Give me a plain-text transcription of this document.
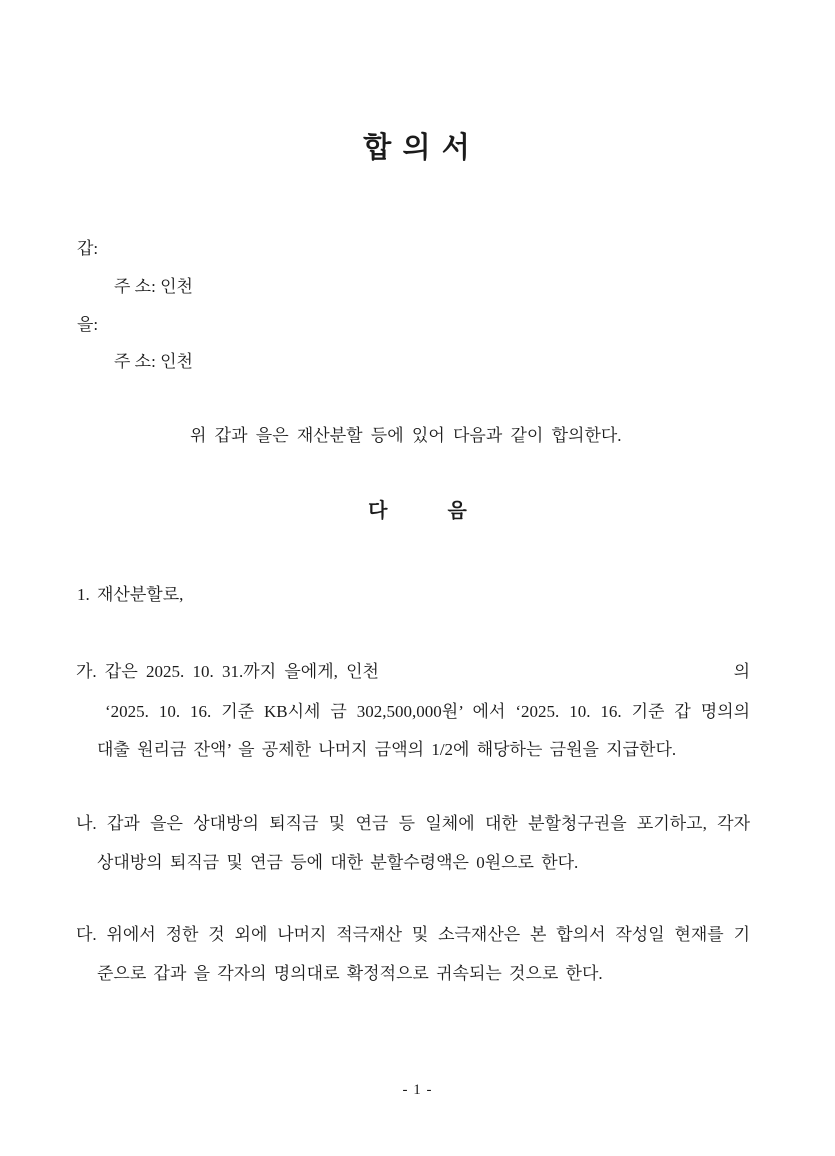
합 의 서
갑:
주 소: 인천
을:
주 소: 인천
위 갑과 을은 재산분할 등에 있어 다음과 같이 합의한다.
다            음
1. 재산분할로,
가. 갑은 2025. 10. 31.까지 을에게, 인천	의
‘2025. 10. 16. 기준 KB시세 금 302,500,000원’ 에서 ‘2025. 10. 16. 기준 갑 명의의
대출 원리금 잔액’ 을 공제한 나머지 금액의 1/2에 해당하는 금원을 지급한다.
나. 갑과 을은 상대방의 퇴직금 및 연금 등 일체에 대한 분할청구권을 포기하고, 각자
상대방의 퇴직금 및 연금 등에 대한 분할수령액은 0원으로 한다.
다. 위에서 정한 것 외에 나머지 적극재산 및 소극재산은 본 합의서 작성일 현재를 기
준으로 갑과 을 각자의 명의대로 확정적으로 귀속되는 것으로 한다.
- 1 -
